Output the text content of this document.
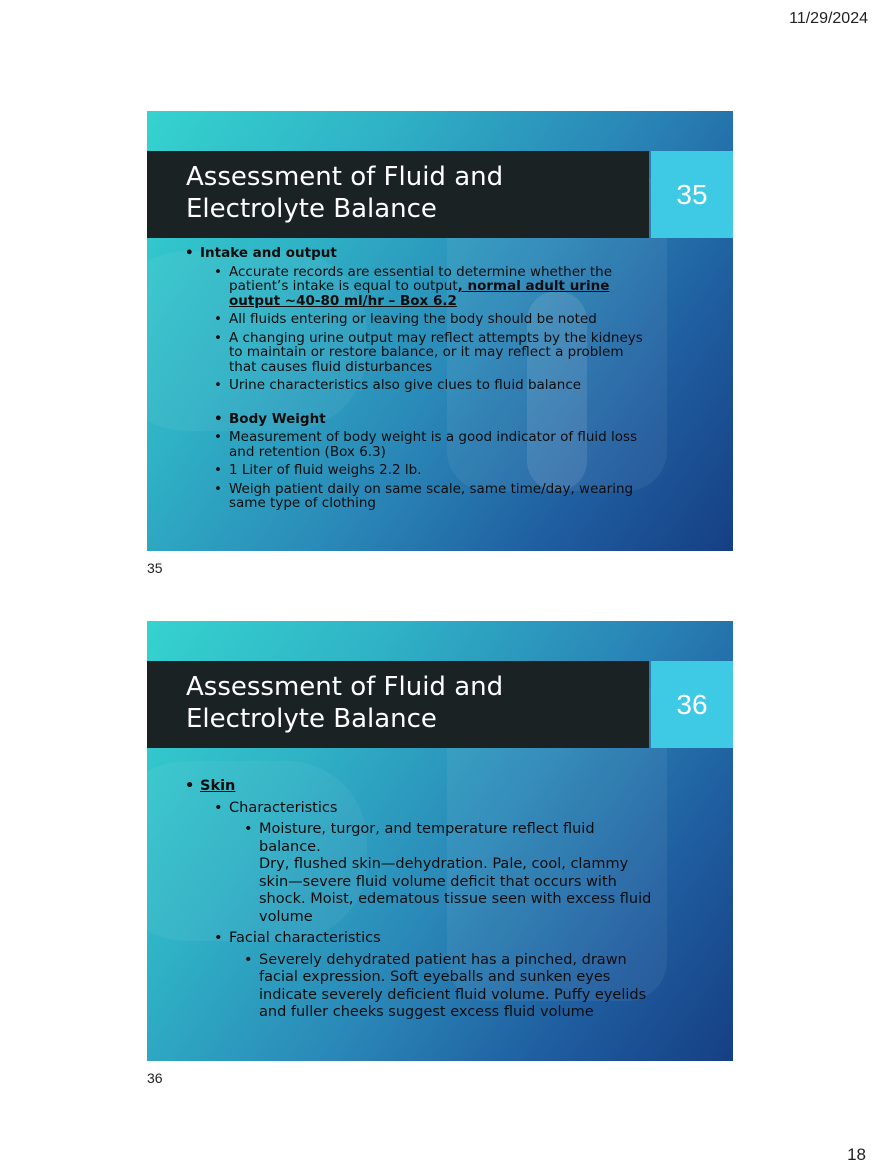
11/29/2024
Assessment of Fluid and Electrolyte Balance	35
• Intake and output
• Accurate records are essential to determine whether the patient’s intake is equal to output, normal adult urine output ~40-80 ml/hr – Box 6.2
• All fluids entering or leaving the body should be noted
• A changing urine output may reflect attempts by the kidneys to maintain or restore balance, or it may reflect a problem that causes fluid disturbances
• Urine characteristics also give clues to fluid balance
• Body Weight
• Measurement of body weight is a good indicator of fluid loss and retention (Box 6.3)
• 1 Liter of fluid weighs 2.2 lb.
• Weigh patient daily on same scale, same time/day, wearing same type of clothing
35
Assessment of Fluid and Electrolyte Balance	36
• Skin
• Characteristics
• Moisture, turgor, and temperature reflect fluid balance.
Dry, flushed skin—dehydration. Pale, cool, clammy skin—severe fluid volume deficit that occurs with shock. Moist, edematous tissue seen with excess fluid volume
• Facial characteristics
• Severely dehydrated patient has a pinched, drawn facial expression. Soft eyeballs and sunken eyes indicate severely deficient fluid volume. Puffy eyelids and fuller cheeks suggest excess fluid volume
36
18
